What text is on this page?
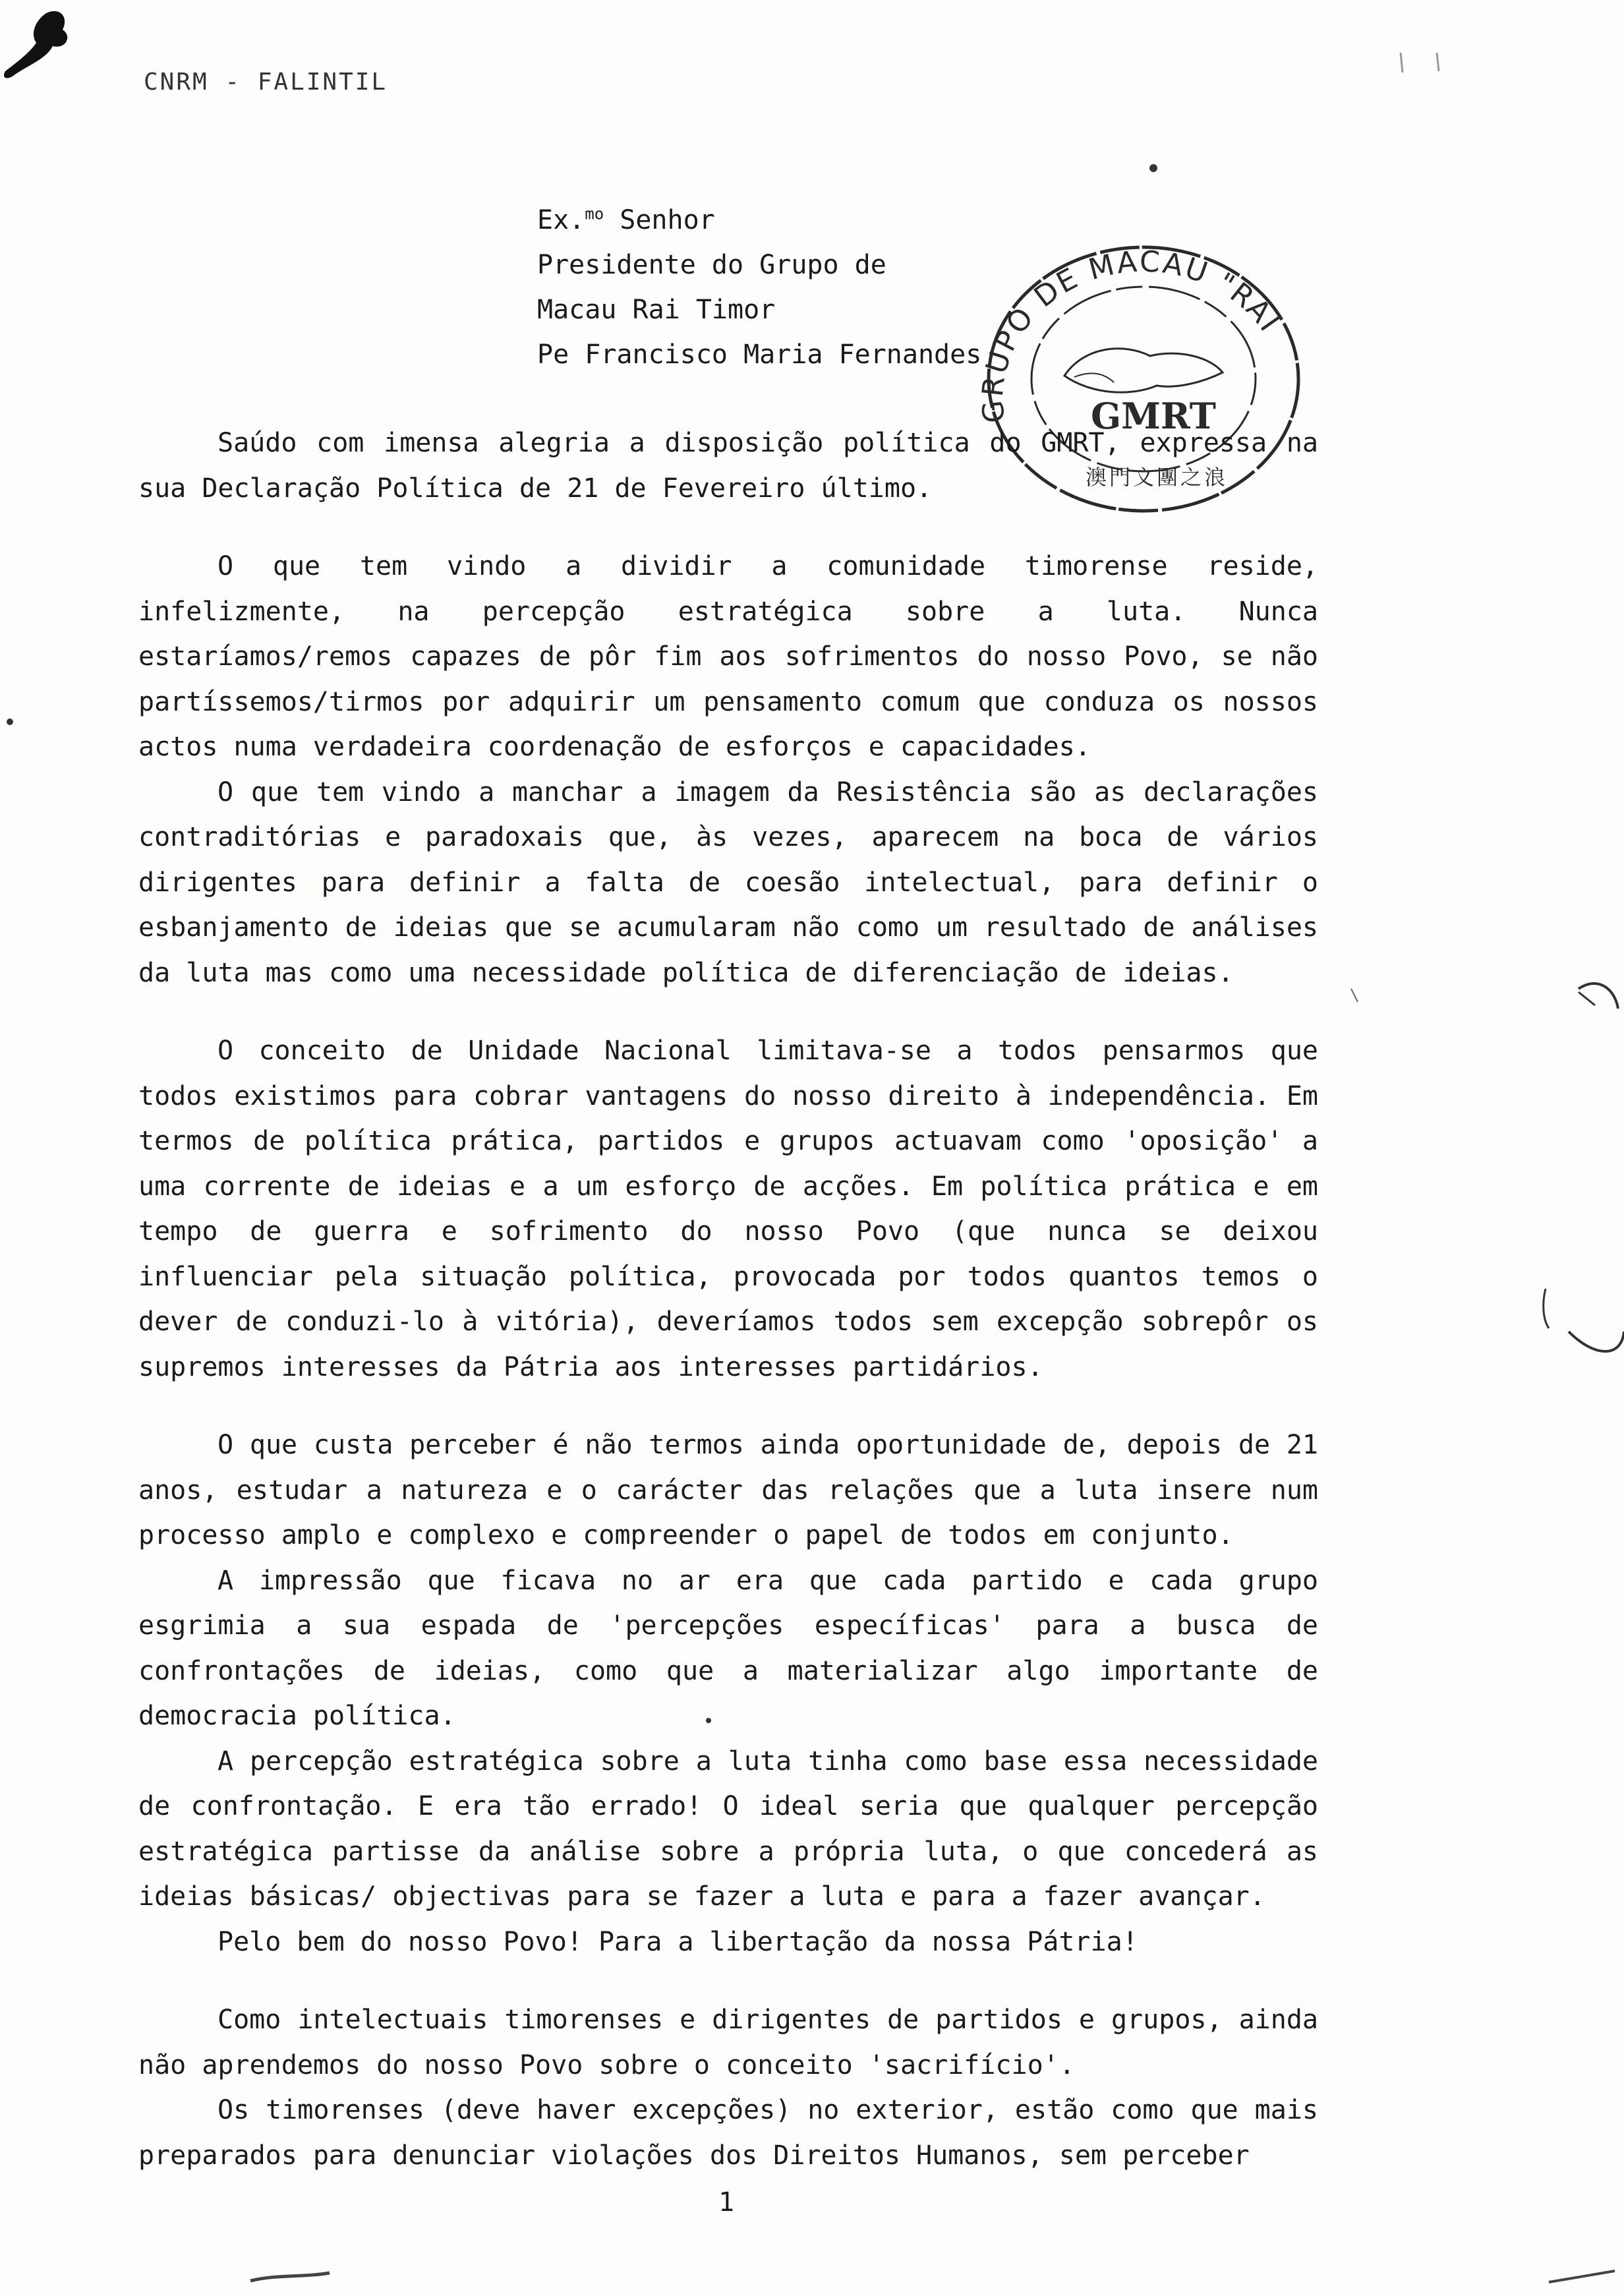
CNRM - FALINTIL
Ex.$^{mo}$ Senhor
Presidente do Grupo de
Macau Rai Timor
Pe Francisco Maria Fernandes
GRUPO DE MACAU "RAI
GMRT
澳門文團之浪

Saúdo com imensa alegria a disposição política do GMRT, expressa na sua Declaração Política de 21 de Fevereiro último.

O que tem vindo a dividir a comunidade timorense reside, infelizmente, na percepção estratégica sobre a luta. Nunca estaríamos/remos capazes de pôr fim aos sofrimentos do nosso Povo, se não partíssemos/tirmos por adquirir um pensamento comum que conduza os nossos actos numa verdadeira coordenação de esforços e capacidades.

O que tem vindo a manchar a imagem da Resistência são as declarações contraditórias e paradoxais que, às vezes, aparecem na boca de vários dirigentes para definir a falta de coesão intelectual, para definir o esbanjamento de ideias que se acumularam não como um resultado de análises da luta mas como uma necessidade política de diferenciação de ideias.

O conceito de Unidade Nacional limitava-se a todos pensarmos que todos existimos para cobrar vantagens do nosso direito à independência. Em termos de política prática, partidos e grupos actuavam como 'oposição' a uma corrente de ideias e a um esforço de acções. Em política prática e em tempo de guerra e sofrimento do nosso Povo (que nunca se deixou influenciar pela situação política, provocada por todos quantos temos o dever de conduzi-lo à vitória), deveríamos todos sem excepção sobrepôr os supremos interesses da Pátria aos interesses partidários.

O que custa perceber é não termos ainda oportunidade de, depois de 21 anos, estudar a natureza e o carácter das relações que a luta insere num processo amplo e complexo e compreender o papel de todos em conjunto.

A impressão que ficava no ar era que cada partido e cada grupo esgrimia a sua espada de 'percepções específicas' para a busca de confrontações de ideias, como que a materializar algo importante de democracia política.

A percepção estratégica sobre a luta tinha como base essa necessidade de confrontação. E era tão errado! O ideal seria que qualquer percepção estratégica partisse da análise sobre a própria luta, o que concederá as ideias básicas/ objectivas para se fazer a luta e para a fazer avançar.

Pelo bem do nosso Povo! Para a libertação da nossa Pátria!

Como intelectuais timorenses e dirigentes de partidos e grupos, ainda não aprendemos do nosso Povo sobre o conceito 'sacrifício'.

Os timorenses (deve haver excepções) no exterior, estão como que mais preparados para denunciar violações dos Direitos Humanos, sem perceber

1
